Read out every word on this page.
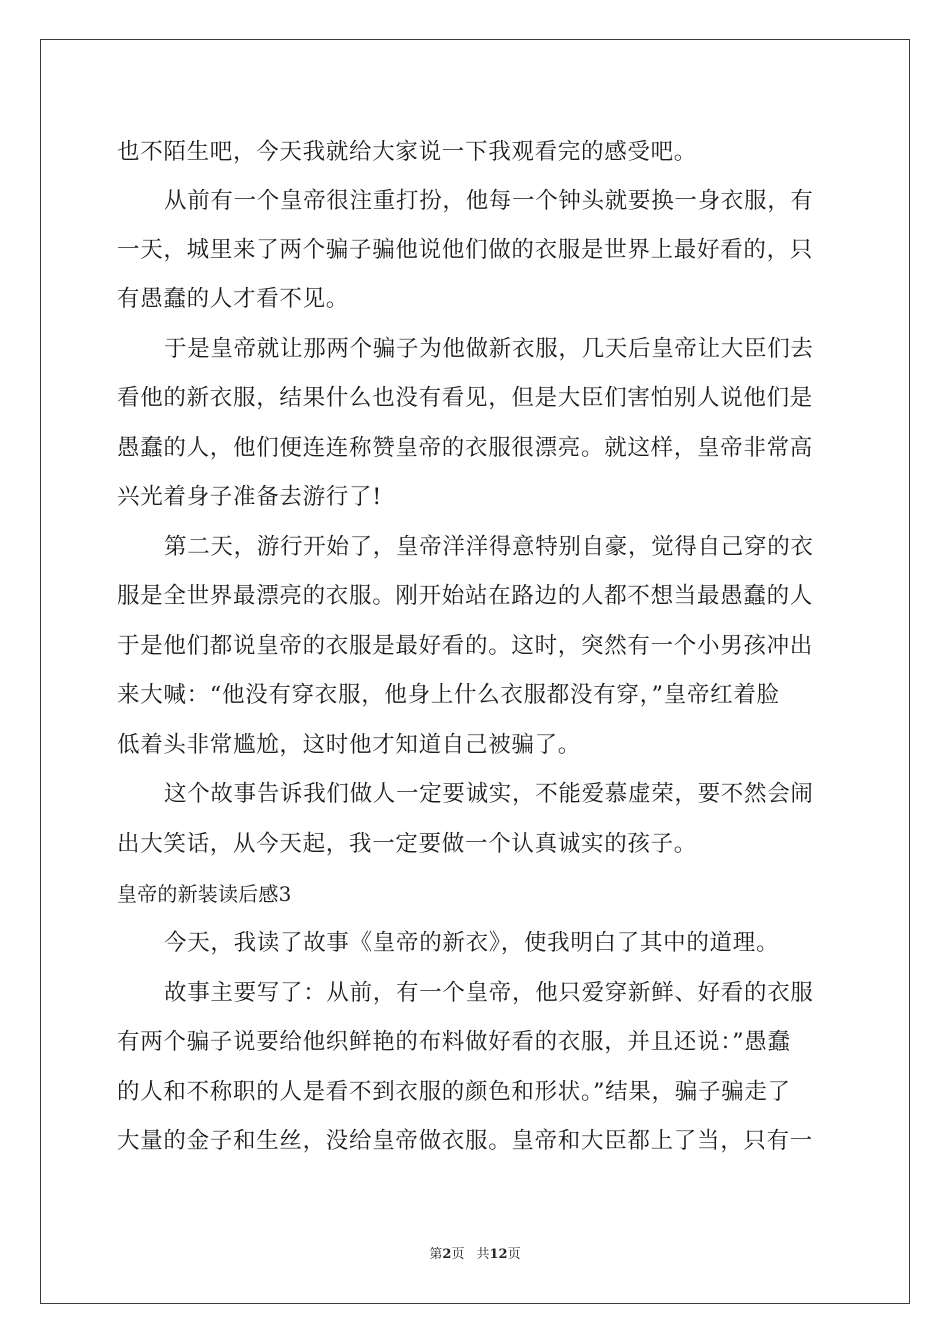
也不陌生吧，今天我就给大家说一下我观看完的感受吧。
从前有一个皇帝很注重打扮，他每一个钟头就要换一身衣服，有
一天，城里来了两个骗子骗他说他们做的衣服是世界上最好看的，只
有愚蠢的人才看不见。
于是皇帝就让那两个骗子为他做新衣服，几天后皇帝让大臣们去
看他的新衣服，结果什么也没有看见，但是大臣们害怕别人说他们是
愚蠢的人，他们便连连称赞皇帝的衣服很漂亮。就这样，皇帝非常高
兴光着身子准备去游行了!
第二天，游行开始了，皇帝洋洋得意特别自豪，觉得自己穿的衣
服是全世界最漂亮的衣服。刚开始站在路边的人都不想当最愚蠢的人
于是他们都说皇帝的衣服是最好看的。这时，突然有一个小男孩冲出
来大喊：“他没有穿衣服，他身上什么衣服都没有穿，”皇帝红着脸
低着头非常尴尬，这时他才知道自己被骗了。
这个故事告诉我们做人一定要诚实，不能爱慕虚荣，要不然会闹
出大笑话，从今天起，我一定要做一个认真诚实的孩子。
皇帝的新装读后感3
今天，我读了故事《皇帝的新衣》，使我明白了其中的道理。
故事主要写了：从前，有一个皇帝，他只爱穿新鲜、好看的衣服
有两个骗子说要给他织鲜艳的布料做好看的衣服，并且还说：”愚蠢
的人和不称职的人是看不到衣服的颜色和形状。”结果，骗子骗走了
大量的金子和生丝，没给皇帝做衣服。皇帝和大臣都上了当，只有一
第2页 共12页
